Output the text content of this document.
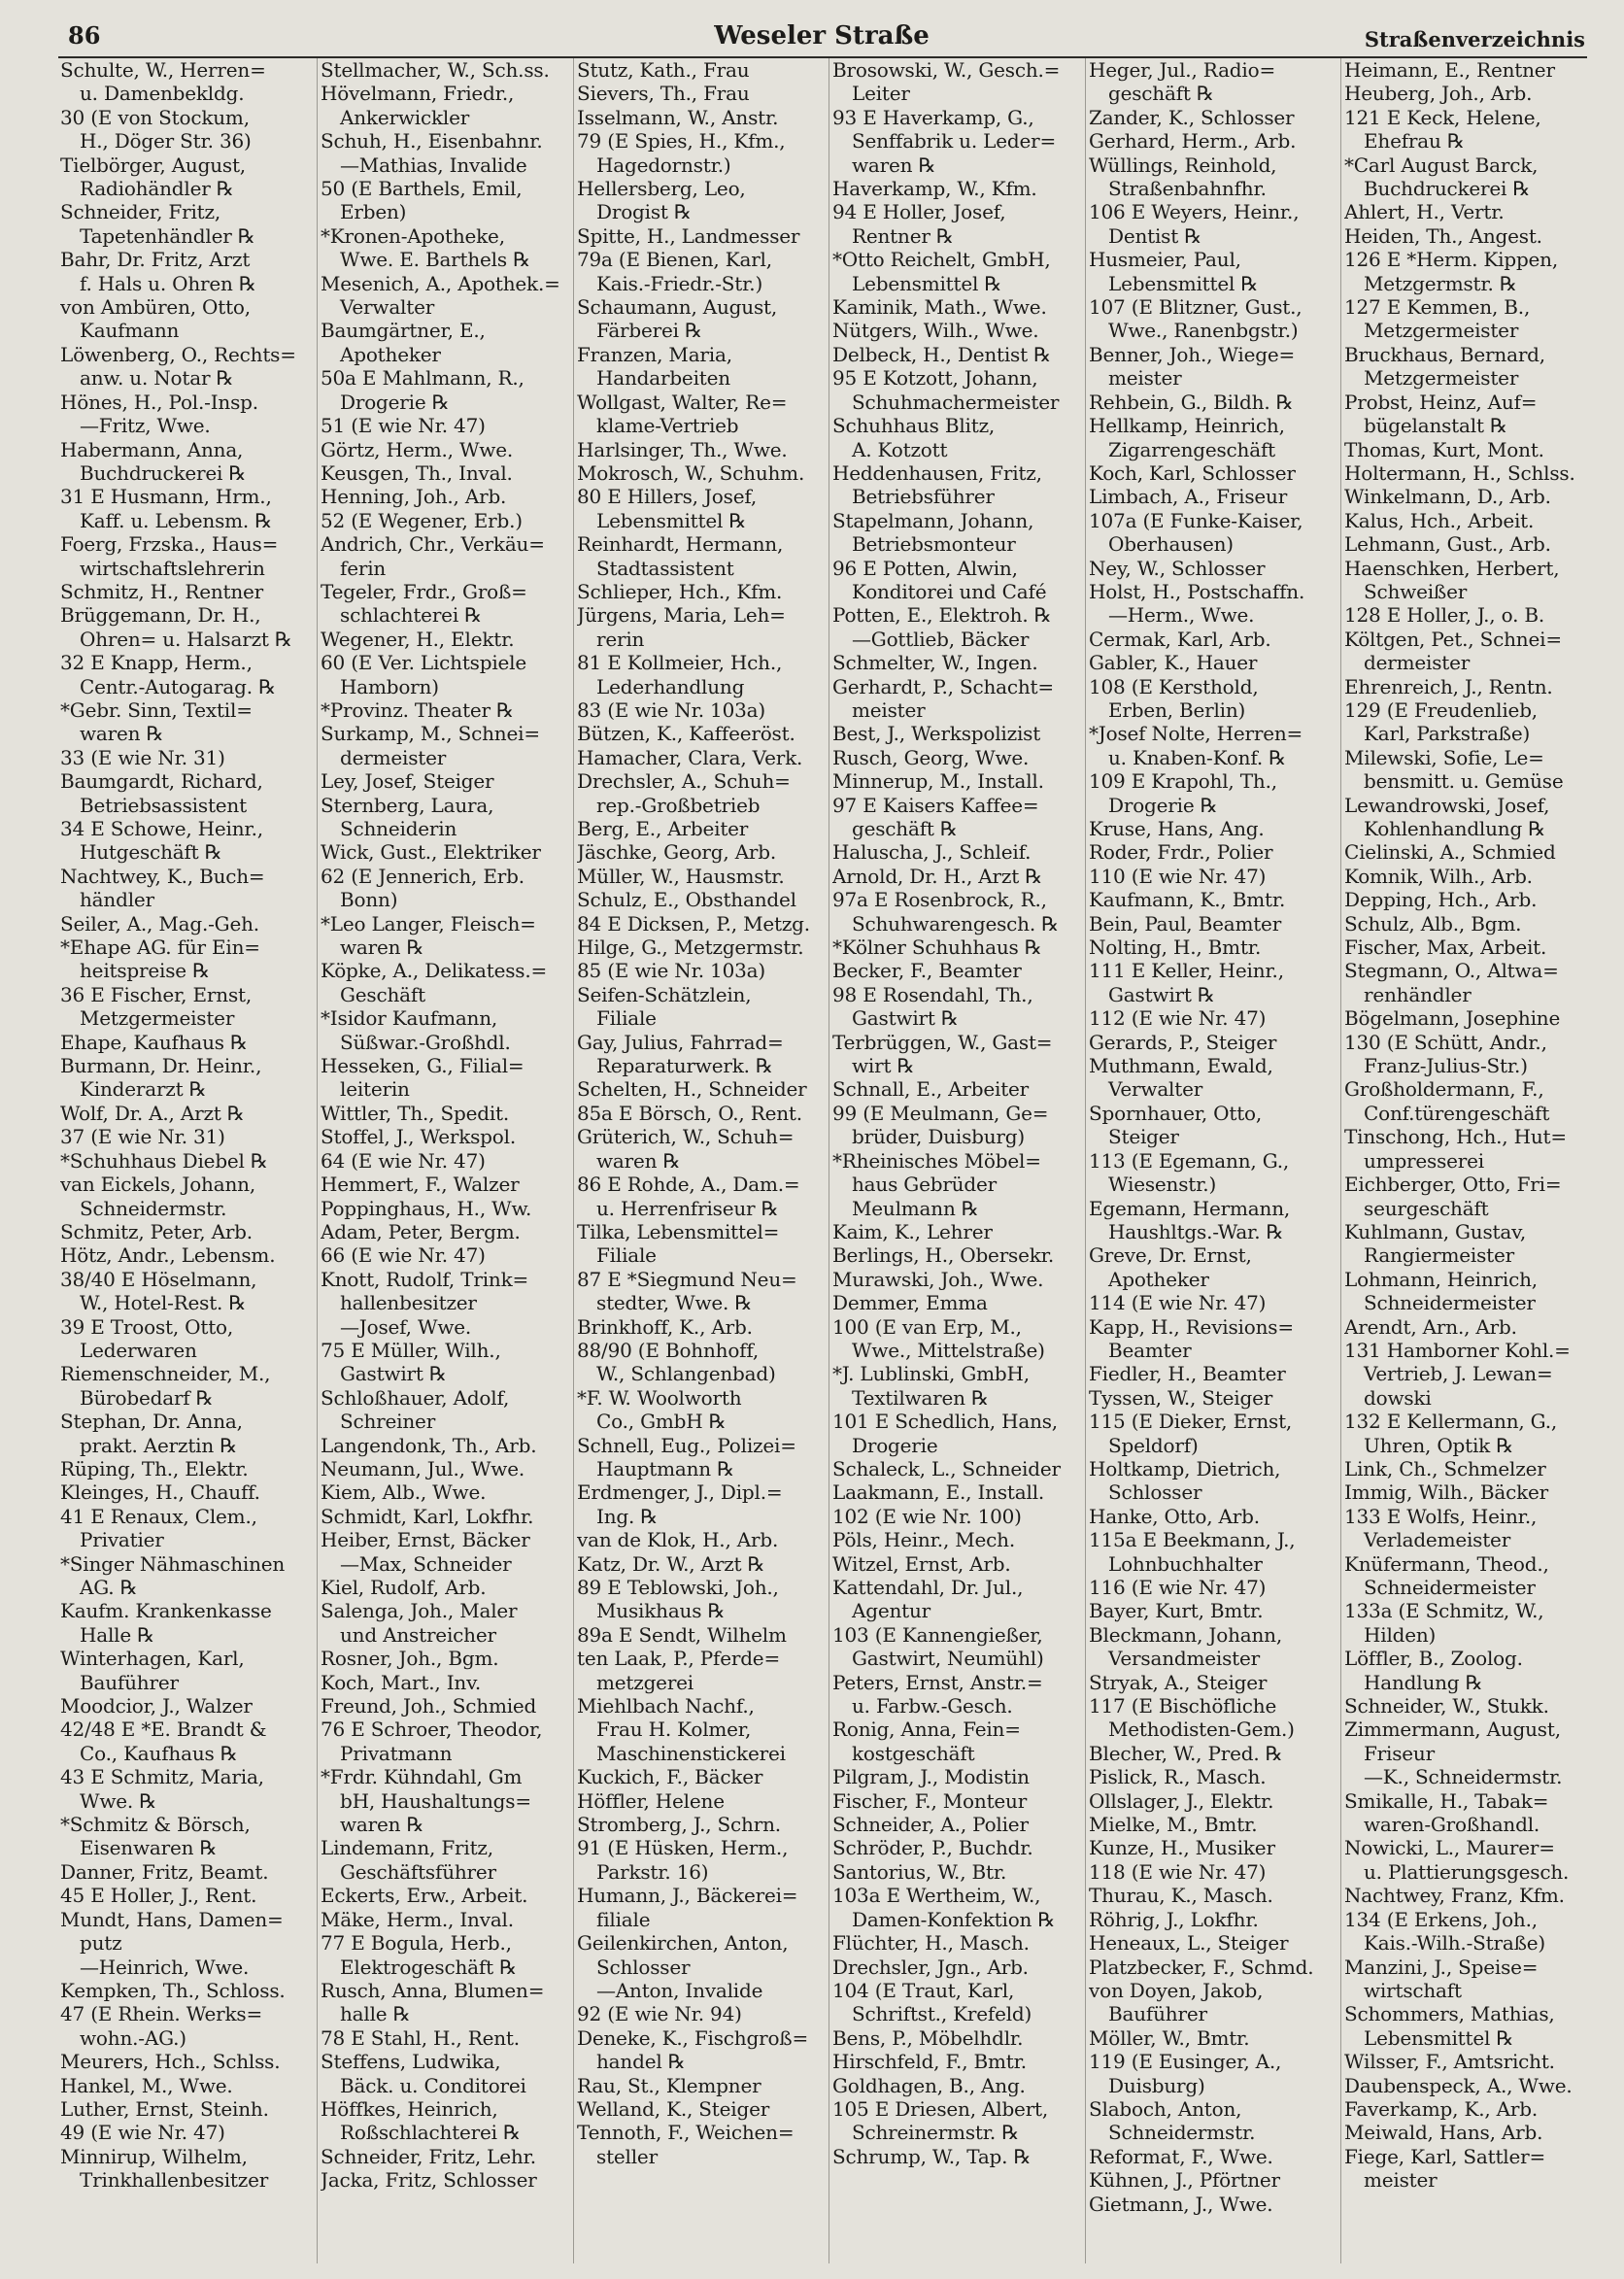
86	Weseler Straße	Straßenverzeichnis
Schulte, W., Herren=
u. Damenbekldg.
30 (E von Stockum,
H., Döger Str. 36)
Tielbörger, August,
Radiohändler ℞
Schneider, Fritz,
Tapetenhändler ℞
Bahr, Dr. Fritz, Arzt
f. Hals u. Ohren ℞
von Ambüren, Otto,
Kaufmann
Löwenberg, O., Rechts=
anw. u. Notar ℞
Hönes, H., Pol.-Insp.
—Fritz, Wwe.
Habermann, Anna,
Buchdruckerei ℞
31 E Husmann, Hrm.,
Kaff. u. Lebensm. ℞
Foerg, Frzska., Haus=
wirtschaftslehrerin
Schmitz, H., Rentner
Brüggemann, Dr. H.,
Ohren= u. Halsarzt ℞
32 E Knapp, Herm.,
Centr.-Autogarag. ℞
*Gebr. Sinn, Textil=
waren ℞
33 (E wie Nr. 31)
Baumgardt, Richard,
Betriebsassistent
34 E Schowe, Heinr.,
Hutgeschäft ℞
Nachtwey, K., Buch=
händler
Seiler, A., Mag.-Geh.
*Ehape AG. für Ein=
heitspreise ℞
36 E Fischer, Ernst,
Metzgermeister
Ehape, Kaufhaus ℞
Burmann, Dr. Heinr.,
Kinderarzt ℞
Wolf, Dr. A., Arzt ℞
37 (E wie Nr. 31)
*Schuhhaus Diebel ℞
van Eickels, Johann,
Schneidermstr.
Schmitz, Peter, Arb.
Hötz, Andr., Lebensm.
38/40 E Höselmann,
W., Hotel-Rest. ℞
39 E Troost, Otto,
Lederwaren
Riemenschneider, M.,
Bürobedarf ℞
Stephan, Dr. Anna,
prakt. Aerztin ℞
Rüping, Th., Elektr.
Kleinges, H., Chauff.
41 E Renaux, Clem.,
Privatier
*Singer Nähmaschinen
AG. ℞
Kaufm. Krankenkasse
Halle ℞
Winterhagen, Karl,
Bauführer
Moodcior, J., Walzer
42/48 E *E. Brandt &
Co., Kaufhaus ℞
43 E Schmitz, Maria,
Wwe. ℞
*Schmitz & Börsch,
Eisenwaren ℞
Danner, Fritz, Beamt.
45 E Holler, J., Rent.
Mundt, Hans, Damen=
putz
—Heinrich, Wwe.
Kempken, Th., Schloss.
47 (E Rhein. Werks=
wohn.-AG.)
Meurers, Hch., Schlss.
Hankel, M., Wwe.
Luther, Ernst, Steinh.
49 (E wie Nr. 47)
Minnirup, Wilhelm,
Trinkhallenbesitzer
Stellmacher, W., Sch.ss.
Hövelmann, Friedr.,
Ankerwickler
Schuh, H., Eisenbahnr.
—Mathias, Invalide
50 (E Barthels, Emil,
Erben)
*Kronen-Apotheke,
Wwe. E. Barthels ℞
Mesenich, A., Apothek.=
Verwalter
Baumgärtner, E.,
Apotheker
50a E Mahlmann, R.,
Drogerie ℞
51 (E wie Nr. 47)
Görtz, Herm., Wwe.
Keusgen, Th., Inval.
Henning, Joh., Arb.
52 (E Wegener, Erb.)
Andrich, Chr., Verkäu=
ferin
Tegeler, Frdr., Groß=
schlachterei ℞
Wegener, H., Elektr.
60 (E Ver. Lichtspiele
Hamborn)
*Provinz. Theater ℞
Surkamp, M., Schnei=
dermeister
Ley, Josef, Steiger
Sternberg, Laura,
Schneiderin
Wick, Gust., Elektriker
62 (E Jennerich, Erb.
Bonn)
*Leo Langer, Fleisch=
waren ℞
Köpke, A., Delikatess.=
Geschäft
*Isidor Kaufmann,
Süßwar.-Großhdl.
Hesseken, G., Filial=
leiterin
Wittler, Th., Spedit.
Stoffel, J., Werkspol.
64 (E wie Nr. 47)
Hemmert, F., Walzer
Poppinghaus, H., Ww.
Adam, Peter, Bergm.
66 (E wie Nr. 47)
Knott, Rudolf, Trink=
hallenbesitzer
—Josef, Wwe.
75 E Müller, Wilh.,
Gastwirt ℞
Schloßhauer, Adolf,
Schreiner
Langendonk, Th., Arb.
Neumann, Jul., Wwe.
Kiem, Alb., Wwe.
Schmidt, Karl, Lokfhr.
Heiber, Ernst, Bäcker
—Max, Schneider
Kiel, Rudolf, Arb.
Salenga, Joh., Maler
und Anstreicher
Rosner, Joh., Bgm.
Koch, Mart., Inv.
Freund, Joh., Schmied
76 E Schroer, Theodor,
Privatmann
*Frdr. Kühndahl, Gm
bH, Haushaltungs=
waren ℞
Lindemann, Fritz,
Geschäftsführer
Eckerts, Erw., Arbeit.
Mäke, Herm., Inval.
77 E Bogula, Herb.,
Elektrogeschäft ℞
Rusch, Anna, Blumen=
halle ℞
78 E Stahl, H., Rent.
Steffens, Ludwika,
Bäck. u. Conditorei
Höffkes, Heinrich,
Roßschlachterei ℞
Schneider, Fritz, Lehr.
Jacka, Fritz, Schlosser
Stutz, Kath., Frau
Sievers, Th., Frau
Isselmann, W., Anstr.
79 (E Spies, H., Kfm.,
Hagedornstr.)
Hellersberg, Leo,
Drogist ℞
Spitte, H., Landmesser
79a (E Bienen, Karl,
Kais.-Friedr.-Str.)
Schaumann, August,
Färberei ℞
Franzen, Maria,
Handarbeiten
Wollgast, Walter, Re=
klame-Vertrieb
Harlsinger, Th., Wwe.
Mokrosch, W., Schuhm.
80 E Hillers, Josef,
Lebensmittel ℞
Reinhardt, Hermann,
Stadtassistent
Schlieper, Hch., Kfm.
Jürgens, Maria, Leh=
rerin
81 E Kollmeier, Hch.,
Lederhandlung
83 (E wie Nr. 103a)
Bützen, K., Kaffeeröst.
Hamacher, Clara, Verk.
Drechsler, A., Schuh=
rep.-Großbetrieb
Berg, E., Arbeiter
Jäschke, Georg, Arb.
Müller, W., Hausmstr.
Schulz, E., Obsthandel
84 E Dicksen, P., Metzg.
Hilge, G., Metzgermstr.
85 (E wie Nr. 103a)
Seifen-Schätzlein,
Filiale
Gay, Julius, Fahrrad=
Reparaturwerk. ℞
Schelten, H., Schneider
85a E Börsch, O., Rent.
Grüterich, W., Schuh=
waren ℞
86 E Rohde, A., Dam.=
u. Herrenfriseur ℞
Tilka, Lebensmittel=
Filiale
87 E *Siegmund Neu=
stedter, Wwe. ℞
Brinkhoff, K., Arb.
88/90 (E Bohnhoff,
W., Schlangenbad)
*F. W. Woolworth
Co., GmbH ℞
Schnell, Eug., Polizei=
Hauptmann ℞
Erdmenger, J., Dipl.=
Ing. ℞
van de Klok, H., Arb.
Katz, Dr. W., Arzt ℞
89 E Teblowski, Joh.,
Musikhaus ℞
89a E Sendt, Wilhelm
ten Laak, P., Pferde=
metzgerei
Miehlbach Nachf.,
Frau H. Kolmer,
Maschinenstickerei
Kuckich, F., Bäcker
Höffler, Helene
Stromberg, J., Schrn.
91 (E Hüsken, Herm.,
Parkstr. 16)
Humann, J., Bäckerei=
filiale
Geilenkirchen, Anton,
Schlosser
—Anton, Invalide
92 (E wie Nr. 94)
Deneke, K., Fischgroß=
handel ℞
Rau, St., Klempner
Welland, K., Steiger
Tennoth, F., Weichen=
steller
Brosowski, W., Gesch.=
Leiter
93 E Haverkamp, G.,
Senffabrik u. Leder=
waren ℞
Haverkamp, W., Kfm.
94 E Holler, Josef,
Rentner ℞
*Otto Reichelt, GmbH,
Lebensmittel ℞
Kaminik, Math., Wwe.
Nütgers, Wilh., Wwe.
Delbeck, H., Dentist ℞
95 E Kotzott, Johann,
Schuhmachermeister
Schuhhaus Blitz,
A. Kotzott
Heddenhausen, Fritz,
Betriebsführer
Stapelmann, Johann,
Betriebsmonteur
96 E Potten, Alwin,
Konditorei und Café
Potten, E., Elektroh. ℞
—Gottlieb, Bäcker
Schmelter, W., Ingen.
Gerhardt, P., Schacht=
meister
Best, J., Werkspolizist
Rusch, Georg, Wwe.
Minnerup, M., Install.
97 E Kaisers Kaffee=
geschäft ℞
Haluscha, J., Schleif.
Arnold, Dr. H., Arzt ℞
97a E Rosenbrock, R.,
Schuhwarengesch. ℞
*Kölner Schuhhaus ℞
Becker, F., Beamter
98 E Rosendahl, Th.,
Gastwirt ℞
Terbrüggen, W., Gast=
wirt ℞
Schnall, E., Arbeiter
99 (E Meulmann, Ge=
brüder, Duisburg)
*Rheinisches Möbel=
haus Gebrüder
Meulmann ℞
Kaim, K., Lehrer
Berlings, H., Obersekr.
Murawski, Joh., Wwe.
Demmer, Emma
100 (E van Erp, M.,
Wwe., Mittelstraße)
*J. Lublinski, GmbH,
Textilwaren ℞
101 E Schedlich, Hans,
Drogerie
Schaleck, L., Schneider
Laakmann, E., Install.
102 (E wie Nr. 100)
Pöls, Heinr., Mech.
Witzel, Ernst, Arb.
Kattendahl, Dr. Jul.,
Agentur
103 (E Kannengießer,
Gastwirt, Neumühl)
Peters, Ernst, Anstr.=
u. Farbw.-Gesch.
Ronig, Anna, Fein=
kostgeschäft
Pilgram, J., Modistin
Fischer, F., Monteur
Schneider, A., Polier
Schröder, P., Buchdr.
Santorius, W., Btr.
103a E Wertheim, W.,
Damen-Konfektion ℞
Flüchter, H., Masch.
Drechsler, Jgn., Arb.
104 (E Traut, Karl,
Schriftst., Krefeld)
Bens, P., Möbelhdlr.
Hirschfeld, F., Bmtr.
Goldhagen, B., Ang.
105 E Driesen, Albert,
Schreinermstr. ℞
Schrump, W., Tap. ℞
Heger, Jul., Radio=
geschäft ℞
Zander, K., Schlosser
Gerhard, Herm., Arb.
Wüllings, Reinhold,
Straßenbahnfhr.
106 E Weyers, Heinr.,
Dentist ℞
Husmeier, Paul,
Lebensmittel ℞
107 (E Blitzner, Gust.,
Wwe., Ranenbgstr.)
Benner, Joh., Wiege=
meister
Rehbein, G., Bildh. ℞
Hellkamp, Heinrich,
Zigarrengeschäft
Koch, Karl, Schlosser
Limbach, A., Friseur
107a (E Funke-Kaiser,
Oberhausen)
Ney, W., Schlosser
Holst, H., Postschaffn.
—Herm., Wwe.
Cermak, Karl, Arb.
Gabler, K., Hauer
108 (E Kersthold,
Erben, Berlin)
*Josef Nolte, Herren=
u. Knaben-Konf. ℞
109 E Krapohl, Th.,
Drogerie ℞
Kruse, Hans, Ang.
Roder, Frdr., Polier
110 (E wie Nr. 47)
Kaufmann, K., Bmtr.
Bein, Paul, Beamter
Nolting, H., Bmtr.
111 E Keller, Heinr.,
Gastwirt ℞
112 (E wie Nr. 47)
Gerards, P., Steiger
Muthmann, Ewald,
Verwalter
Spornhauer, Otto,
Steiger
113 (E Egemann, G.,
Wiesenstr.)
Egemann, Hermann,
Haushltgs.-War. ℞
Greve, Dr. Ernst,
Apotheker
114 (E wie Nr. 47)
Kapp, H., Revisions=
Beamter
Fiedler, H., Beamter
Tyssen, W., Steiger
115 (E Dieker, Ernst,
Speldorf)
Holtkamp, Dietrich,
Schlosser
Hanke, Otto, Arb.
115a E Beekmann, J.,
Lohnbuchhalter
116 (E wie Nr. 47)
Bayer, Kurt, Bmtr.
Bleckmann, Johann,
Versandmeister
Stryak, A., Steiger
117 (E Bischöfliche
Methodisten-Gem.)
Blecher, W., Pred. ℞
Pislick, R., Masch.
Ollslager, J., Elektr.
Mielke, M., Bmtr.
Kunze, H., Musiker
118 (E wie Nr. 47)
Thurau, K., Masch.
Röhrig, J., Lokfhr.
Heneaux, L., Steiger
Platzbecker, F., Schmd.
von Doyen, Jakob,
Bauführer
Möller, W., Bmtr.
119 (E Eusinger, A.,
Duisburg)
Slaboch, Anton,
Schneidermstr.
Reformat, F., Wwe.
Kühnen, J., Pförtner
Gietmann, J., Wwe.
Heimann, E., Rentner
Heuberg, Joh., Arb.
121 E Keck, Helene,
Ehefrau ℞
*Carl August Barck,
Buchdruckerei ℞
Ahlert, H., Vertr.
Heiden, Th., Angest.
126 E *Herm. Kippen,
Metzgermstr. ℞
127 E Kemmen, B.,
Metzgermeister
Bruckhaus, Bernard,
Metzgermeister
Probst, Heinz, Auf=
bügelanstalt ℞
Thomas, Kurt, Mont.
Holtermann, H., Schlss.
Winkelmann, D., Arb.
Kalus, Hch., Arbeit.
Lehmann, Gust., Arb.
Haenschken, Herbert,
Schweißer
128 E Holler, J., o. B.
Költgen, Pet., Schnei=
dermeister
Ehrenreich, J., Rentn.
129 (E Freudenlieb,
Karl, Parkstraße)
Milewski, Sofie, Le=
bensmitt. u. Gemüse
Lewandrowski, Josef,
Kohlenhandlung ℞
Cielinski, A., Schmied
Komnik, Wilh., Arb.
Depping, Hch., Arb.
Schulz, Alb., Bgm.
Fischer, Max, Arbeit.
Stegmann, O., Altwa=
renhändler
Bögelmann, Josephine
130 (E Schütt, Andr.,
Franz-Julius-Str.)
Großholdermann, F.,
Conf.türengeschäft
Tinschong, Hch., Hut=
umpresserei
Eichberger, Otto, Fri=
seurgeschäft
Kuhlmann, Gustav,
Rangiermeister
Lohmann, Heinrich,
Schneidermeister
Arendt, Arn., Arb.
131 Hamborner Kohl.=
Vertrieb, J. Lewan=
dowski
132 E Kellermann, G.,
Uhren, Optik ℞
Link, Ch., Schmelzer
Immig, Wilh., Bäcker
133 E Wolfs, Heinr.,
Verlademeister
Knüfermann, Theod.,
Schneidermeister
133a (E Schmitz, W.,
Hilden)
Löffler, B., Zoolog.
Handlung ℞
Schneider, W., Stukk.
Zimmermann, August,
Friseur
—K., Schneidermstr.
Smikalle, H., Tabak=
waren-Großhandl.
Nowicki, L., Maurer=
u. Plattierungsgesch.
Nachtwey, Franz, Kfm.
134 (E Erkens, Joh.,
Kais.-Wilh.-Straße)
Manzini, J., Speise=
wirtschaft
Schommers, Mathias,
Lebensmittel ℞
Wilsser, F., Amtsricht.
Daubenspeck, A., Wwe.
Faverkamp, K., Arb.
Meiwald, Hans, Arb.
Fiege, Karl, Sattler=
meister
